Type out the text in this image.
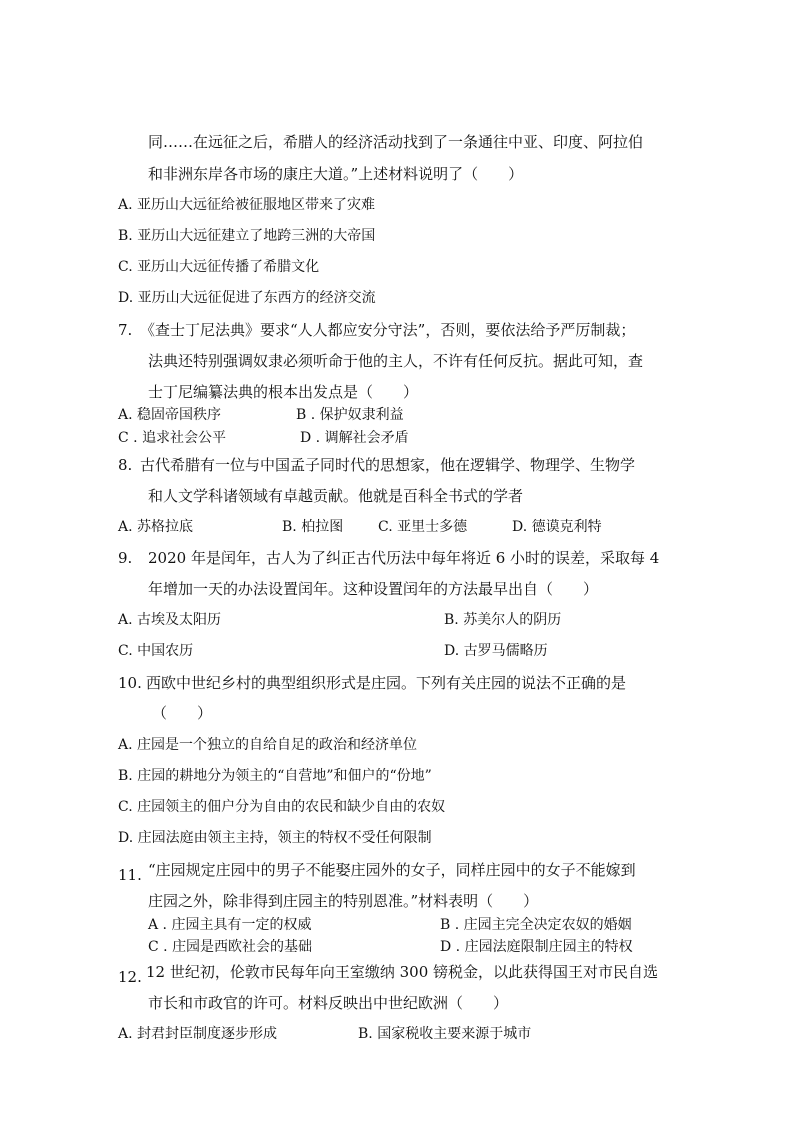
同……在远征之后，希腊人的经济活动找到了一条通往中亚、印度、阿拉伯
和非洲东岸各市场的康庄大道。”上述材料说明了（　　）
A. 亚历山大远征给被征服地区带来了灾难
B. 亚历山大远征建立了地跨三洲的大帝国
C. 亚历山大远征传播了希腊文化
D. 亚历山大远征促进了东西方的经济交流
7. 《查士丁尼法典》要求“人人都应安分守法”，否则，要依法给予严厉制裁；
法典还特别强调奴隶必须听命于他的主人，不许有任何反抗。据此可知，查
士丁尼编纂法典的根本出发点是（　　）
A. 稳固帝国秩序	B . 保护奴隶利益
C . 追求社会公平	D . 调解社会矛盾
8. 古代希腊有一位与中国孟子同时代的思想家，他在逻辑学、物理学、生物学
和人文学科诸领域有卓越贡献。他就是百科全书式的学者
A. 苏格拉底	B. 柏拉图 C. 亚里士多德	D. 德谟克利特
9. 2020 年是闰年，古人为了纠正古代历法中每年将近 6 小时的误差，采取每 4
年增加一天的办法设置闰年。这种设置闰年的方法最早出自（　　）
A. 古埃及太阳历	B. 苏美尔人的阴历
C. 中国农历	D. 古罗马儒略历
10. 西欧中世纪乡村的典型组织形式是庄园。下列有关庄园的说法不正确的是
（　　）
A. 庄园是一个独立的自给自足的政治和经济单位
B. 庄园的耕地分为领主的“自营地”和佃户的“份地”
C. 庄园领主的佃户分为自由的农民和缺少自由的农奴
D. 庄园法庭由领主主持，领主的特权不受任何限制
11. “庄园规定庄园中的男子不能娶庄园外的女子，同样庄园中的女子不能嫁到
庄园之外，除非得到庄园主的特别恩准。”材料表明（　　）
A . 庄园主具有一定的权威	B . 庄园主完全决定农奴的婚姻
C . 庄园是西欧社会的基础	D . 庄园法庭限制庄园主的特权
12. 12 世纪初，伦敦市民每年向王室缴纳 300 镑税金，以此获得国王对市民自选
市长和市政官的许可。材料反映出中世纪欧洲（　　）
A. 封君封臣制度逐步形成	B. 国家税收主要来源于城市
